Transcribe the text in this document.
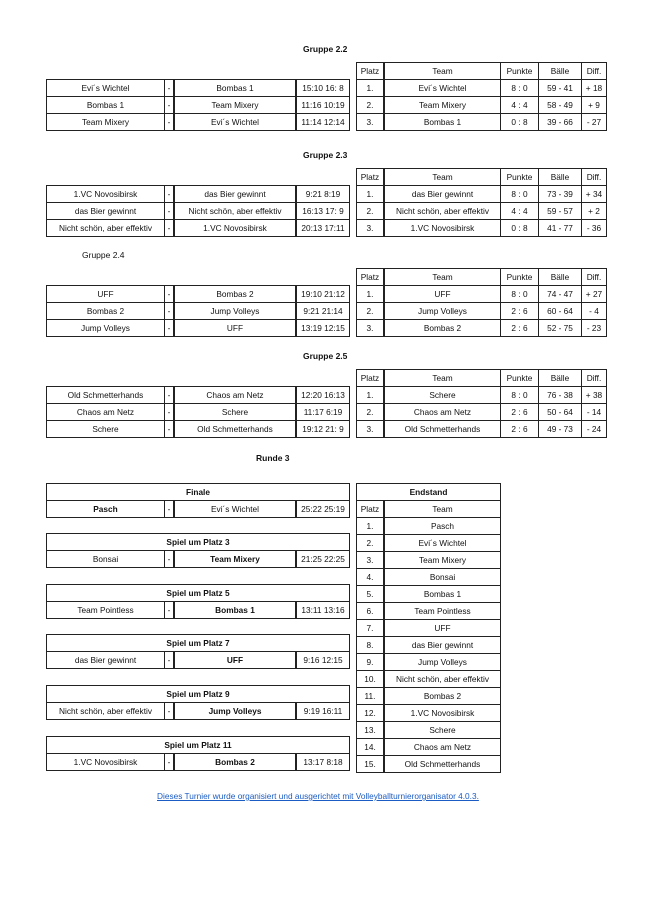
Gruppe 2.2
Evi´s Wichtel	-	Bombas 1	15:10 16: 8
Bombas 1	-	Team Mixery	11:16 10:19
Team Mixery	-	Evi´s Wichtel	11:14 12:14
Platz	Team	Punkte	Bälle	Diff.
1.	Evi´s Wichtel	8 : 0	59 - 41	+ 18
2.	Team Mixery	4 : 4	58 - 49	+ 9
3.	Bombas 1	0 : 8	39 - 66	- 27
Gruppe 2.3
1.VC Novosibirsk	-	das Bier gewinnt	9:21 8:19
das Bier gewinnt	-	Nicht schön, aber effektiv	16:13 17: 9
Nicht schön, aber effektiv	-	1.VC Novosibirsk	20:13 17:11
Platz	Team	Punkte	Bälle	Diff.
1.	das Bier gewinnt	8 : 0	73 - 39	+ 34
2.	Nicht schön, aber effektiv	4 : 4	59 - 57	+ 2
3.	1.VC Novosibirsk	0 : 8	41 - 77	- 36
Gruppe 2.4
UFF	-	Bombas 2	19:10 21:12
Bombas 2	-	Jump Volleys	9:21 21:14
Jump Volleys	-	UFF	13:19 12:15
Platz	Team	Punkte	Bälle	Diff.
1.	UFF	8 : 0	74 - 47	+ 27
2.	Jump Volleys	2 : 6	60 - 64	- 4
3.	Bombas 2	2 : 6	52 - 75	- 23
Gruppe 2.5
Old Schmetterhands	-	Chaos am Netz	12:20 16:13
Chaos am Netz	-	Schere	11:17 6:19
Schere	-	Old Schmetterhands	19:12 21: 9
Platz	Team	Punkte	Bälle	Diff.
1.	Schere	8 : 0	76 - 38	+ 38
2.	Chaos am Netz	2 : 6	50 - 64	- 14
3.	Old Schmetterhands	2 : 6	49 - 73	- 24
Runde 3
Finale
Pasch	-	Evi´s Wichtel	25:22 25:19
Spiel um Platz 3
Bonsai	-	Team Mixery	21:25 22:25
Spiel um Platz 5
Team Pointless	-	Bombas 1	13:11 13:16
Spiel um Platz 7
das Bier gewinnt	-	UFF	9:16 12:15
Spiel um Platz 9
Nicht schön, aber effektiv	-	Jump Volleys	9:19 16:11
Spiel um Platz 11
1.VC Novosibirsk	-	Bombas 2	13:17 8:18
Endstand	
Platz	Team
1.	Pasch
2.	Evi´s Wichtel
3.	Team Mixery
4.	Bonsai
5.	Bombas 1
6.	Team Pointless
7.	UFF
8.	das Bier gewinnt
9.	Jump Volleys
10.	Nicht schön, aber effektiv
11.	Bombas 2
12.	1.VC Novosibirsk
13.	Schere
14.	Chaos am Netz
15.	Old Schmetterhands
Dieses Turnier wurde organisiert und ausgerichtet mit Volleyballturnierorganisator 4.0.3.
